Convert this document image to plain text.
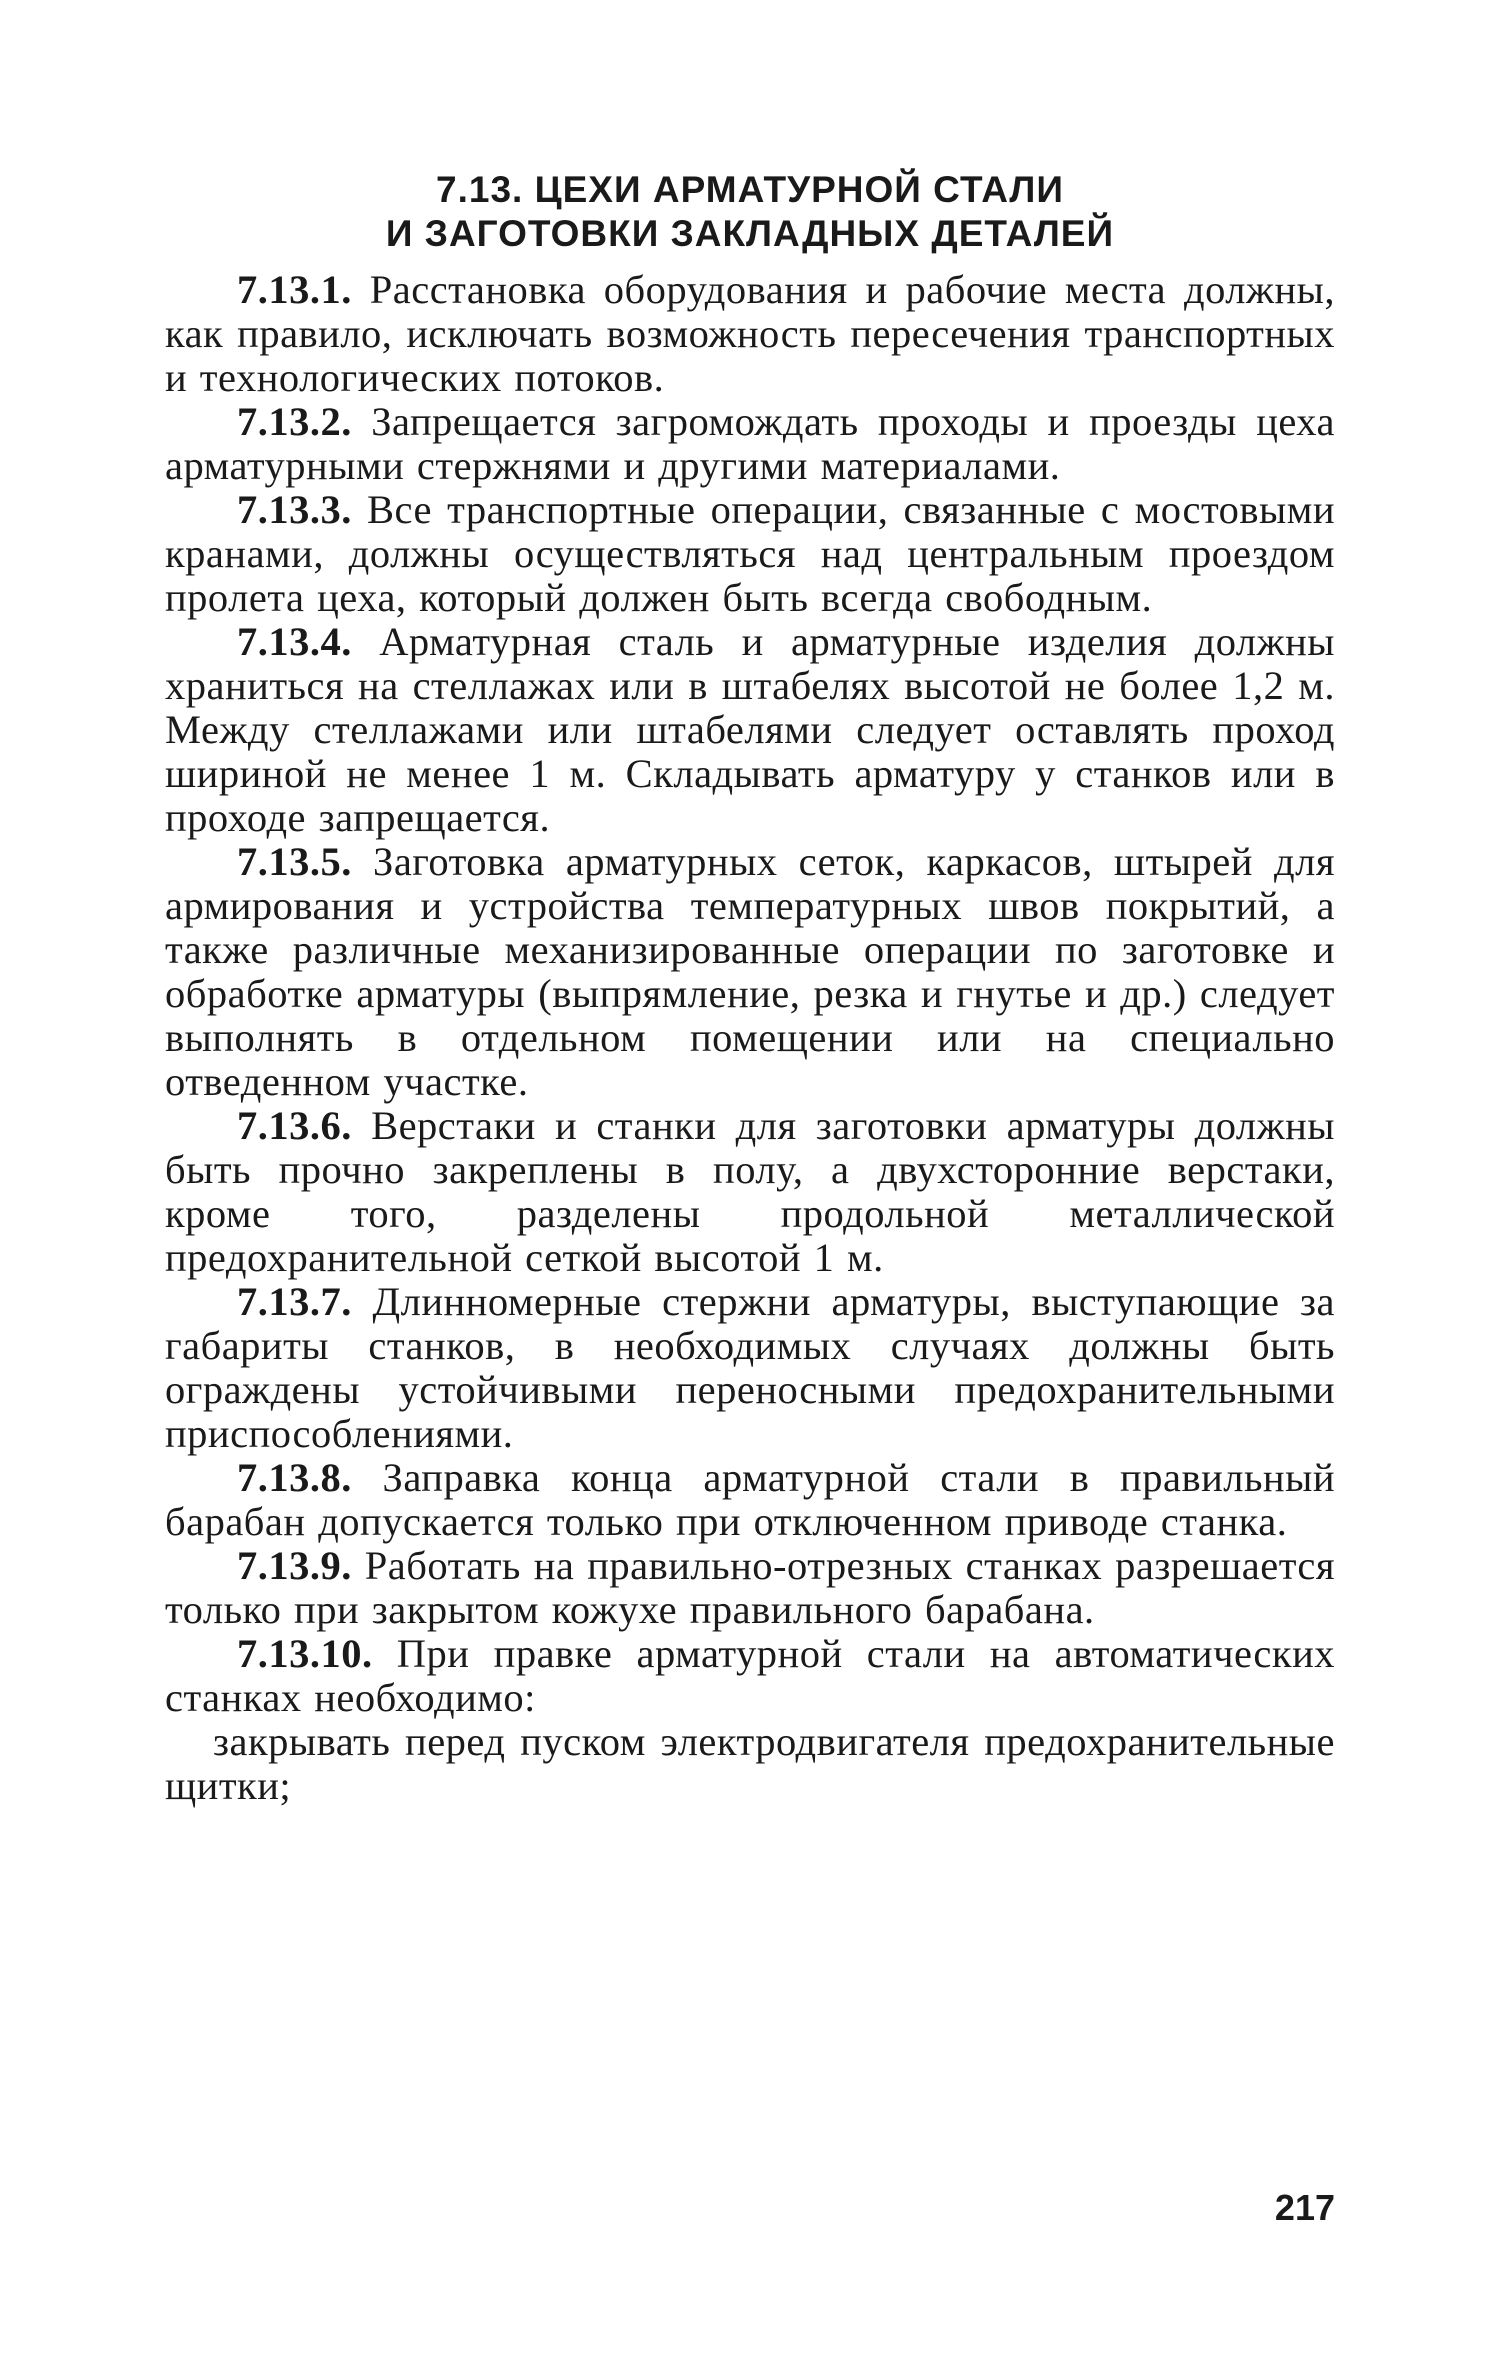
7.13. ЦЕХИ АРМАТУРНОЙ СТАЛИ
И ЗАГОТОВКИ ЗАКЛАДНЫХ ДЕТАЛЕЙ

7.13.1. Расстановка оборудования и рабочие места должны, как правило, исключать возможность пересечения транспортных и технологических потоков.

7.13.2. Запрещается загромождать проходы и проезды цеха арматурными стержнями и другими материалами.

7.13.3. Все транспортные операции, связанные с мостовыми кранами, должны осуществляться над центральным проездом пролета цеха, который должен быть всегда свободным.

7.13.4. Арматурная сталь и арматурные изделия должны храниться на стеллажах или в штабелях высотой не более 1,2 м. Между стеллажами или штабелями следует оставлять проход шириной не менее 1 м. Складывать арматуру у станков или в проходе запрещается.

7.13.5. Заготовка арматурных сеток, каркасов, штырей для армирования и устройства температурных швов покрытий, а также различные механизированные операции по заготовке и обработке арматуры (выпрямление, резка и гнутье и др.) следует выполнять в отдельном помещении или на специально отведенном участке.

7.13.6. Верстаки и станки для заготовки арматуры должны быть прочно закреплены в полу, а двухсторонние верстаки, кроме того, разделены продольной металлической предохранительной сеткой высотой 1 м.

7.13.7. Длинномерные стержни арматуры, выступающие за габариты станков, в необходимых случаях должны быть ограждены устойчивыми переносными предохранительными приспособлениями.

7.13.8. Заправка конца арматурной стали в правильный барабан допускается только при отключенном приводе станка.

7.13.9. Работать на правильно-отрезных станках разрешается только при закрытом кожухе правильного барабана.

7.13.10. При правке арматурной стали на автоматических станках необходимо:

закрывать перед пуском электродвигателя предохранительные щитки;

217
